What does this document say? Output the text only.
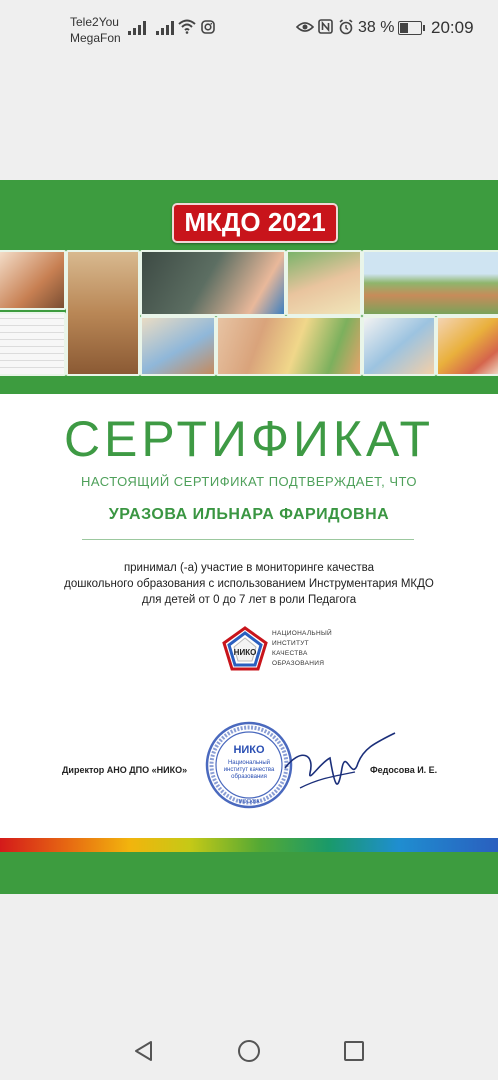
Tele2You
MegaFon
38 % 20:09
МКДО 2021
СЕРТИФИКАТ
НАСТОЯЩИЙ СЕРТИФИКАТ ПОДТВЕРЖДАЕТ, ЧТО
УРАЗОВА ИЛЬНАРА ФАРИДОВНА
принимал (-а) участие в мониторинге качества
дошкольного образования с использованием Инструментария МКДО
для детей от 0 до 7 лет в роли Педагога
НИКО
НАЦИОНАЛЬНЫЙ
ИНСТИТУТ
КАЧЕСТВА
ОБРАЗОВАНИЯ
Директор АНО ДПО «НИКО»
НИКО
Национальный
институт качества
образования
МОСКВА
Федосова И. Е.
